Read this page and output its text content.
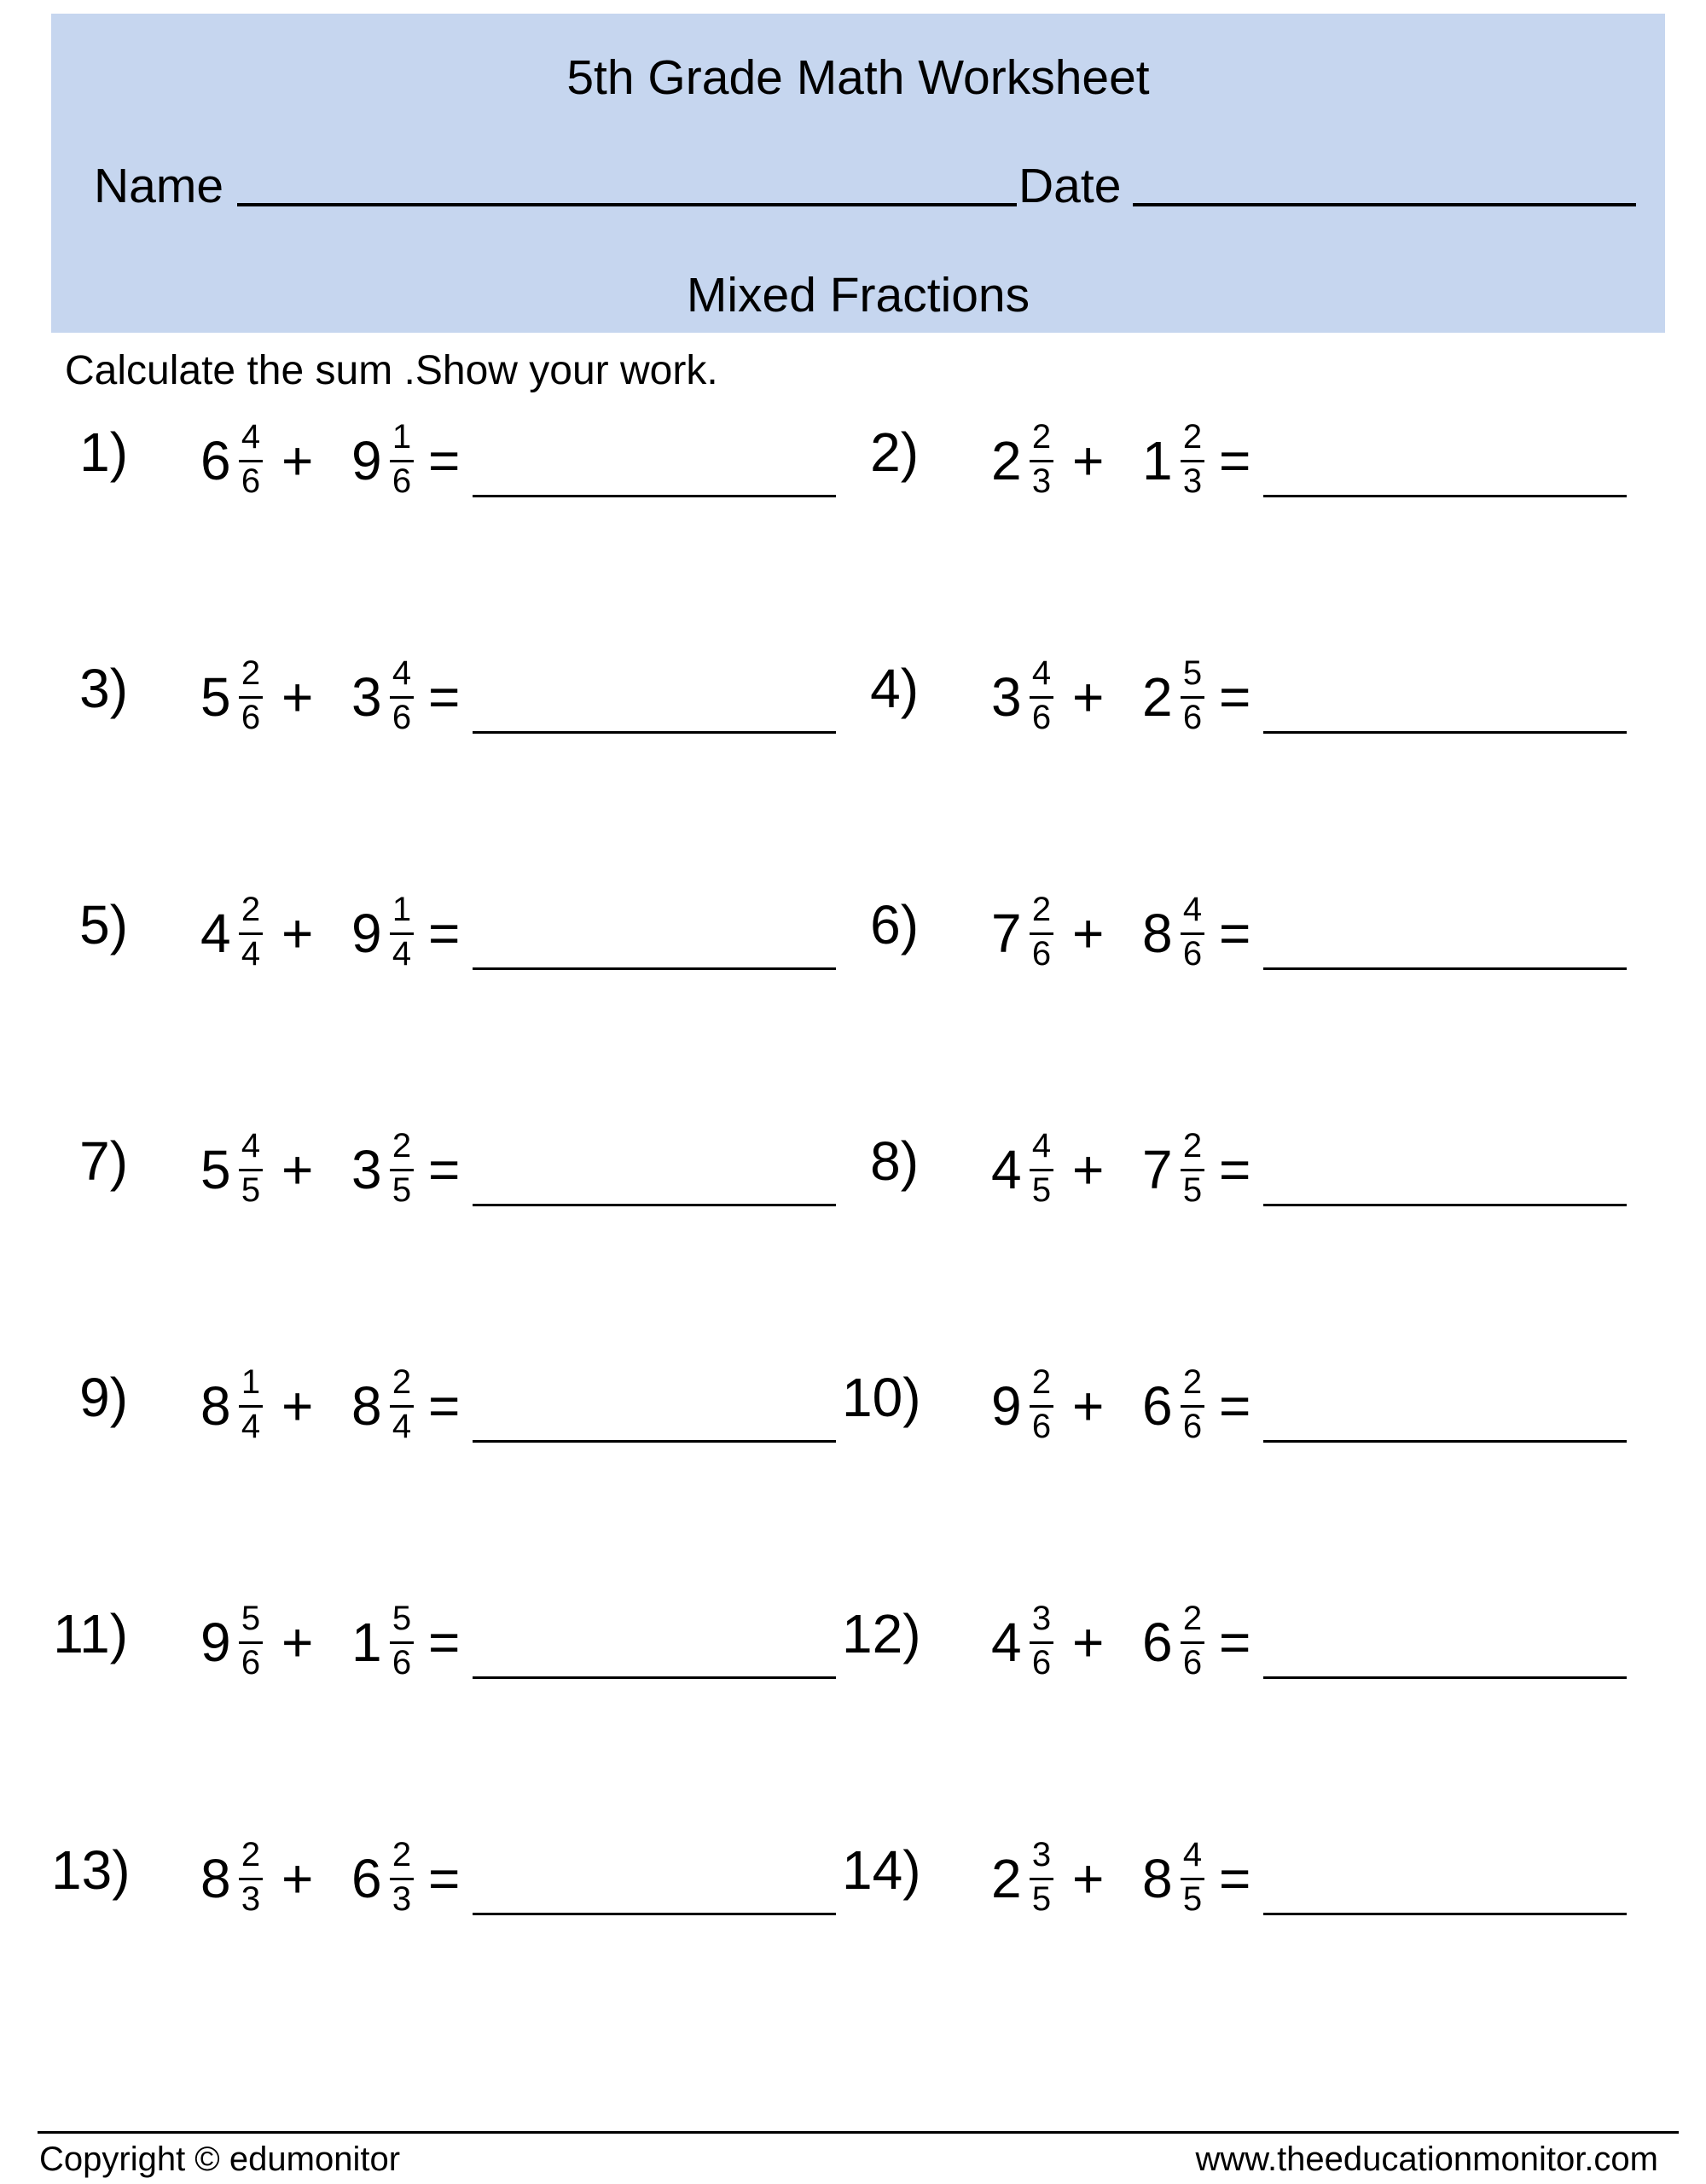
5th Grade Math Worksheet
Name	Date
Mixed Fractions
Calculate the sum .Show your work.
1) 6 4
6 + 9 1
6 =	2) 2 2
3 + 1 2
3 =
3) 5 2
6 + 3 4
6 =	4) 3 4
6 + 2 5
6 =
5) 4 2
4 + 9 1
4 =	6) 7 2
6 + 8 4
6 =
7) 5 4
5 + 3 2
5 =	8) 4 4
5 + 7 2
5 =
9) 8 1
4 + 8 2
4 =	10) 9 2
6 + 6 2
6 =
11) 9 5
6 + 1 5
6 =	12) 4 3
6 + 6 2
6 =
13) 8 2
3 + 6 2
3 =	14) 2 3
5 + 8 4
5 =
Copyright © edumonitor	www.theeducationmonitor.com
